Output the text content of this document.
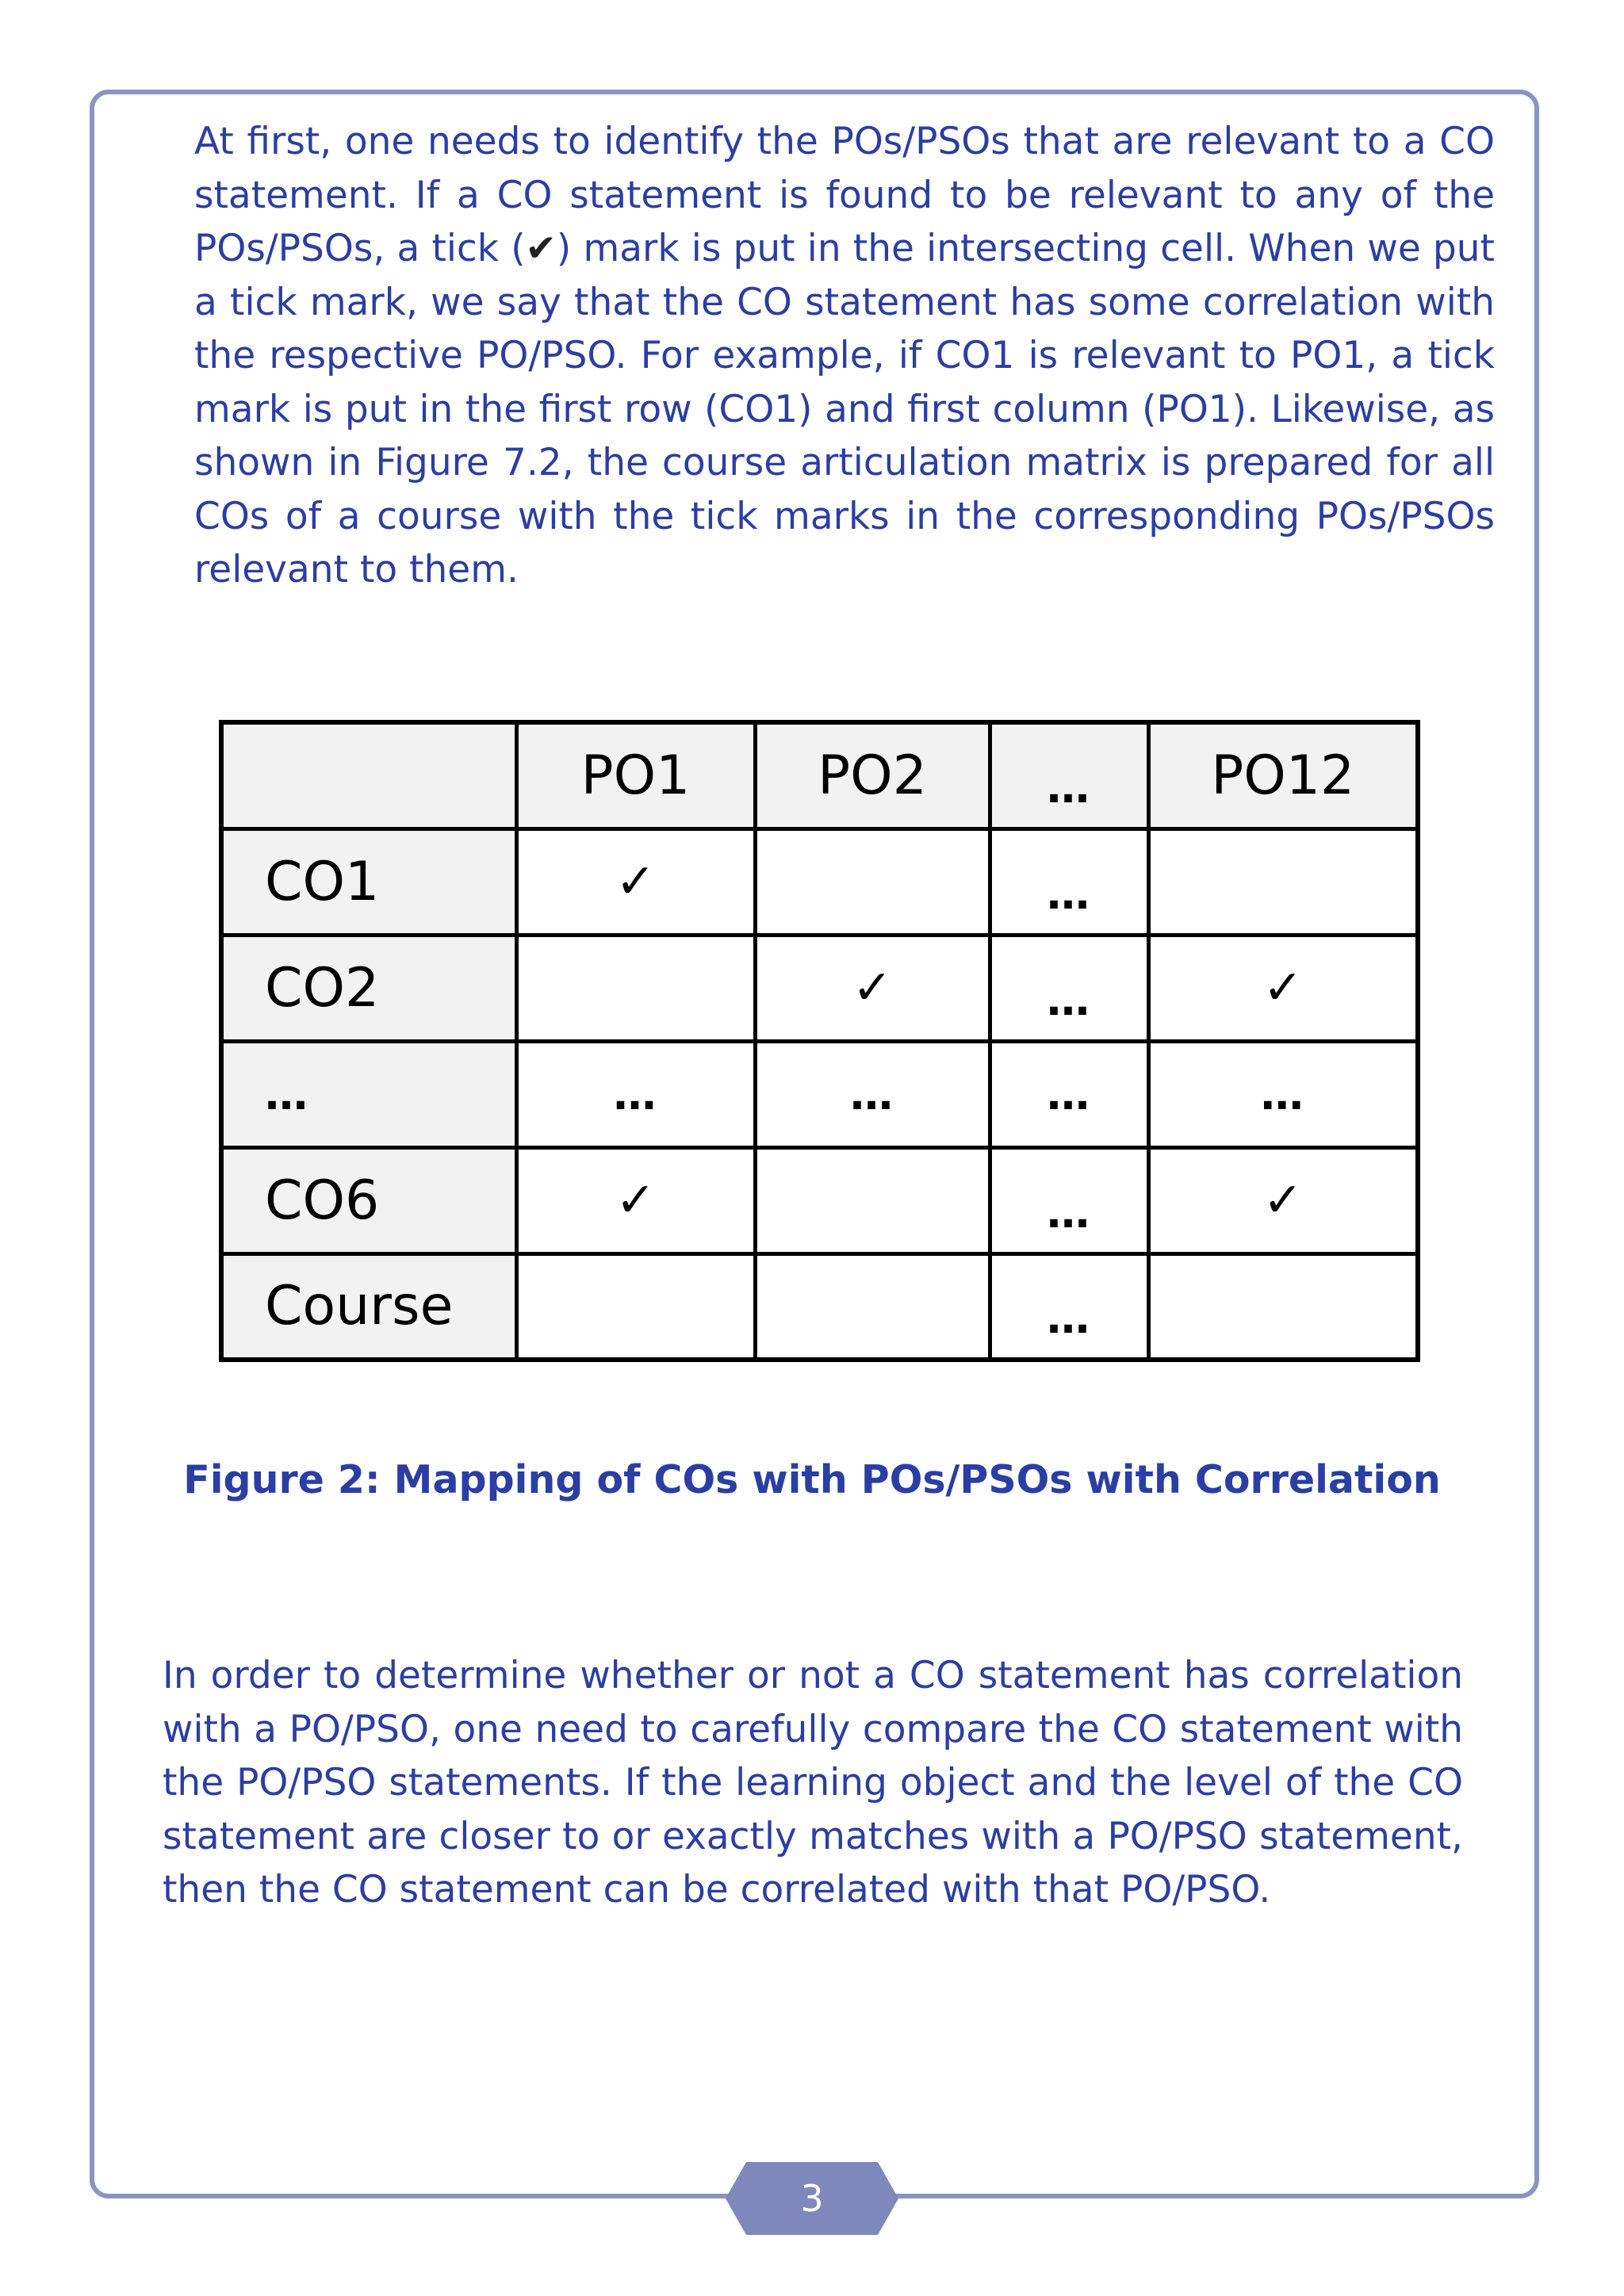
At first, one needs to identify the POs/PSOs that are relevant to a CO statement. If a CO statement is found to be relevant to any of the POs/PSOs, a tick (✔) mark is put in the intersecting cell. When we put a tick mark, we say that the CO statement has some correlation with the respective PO/PSO. For example, if CO1 is relevant to PO1, a tick mark is put in the first row (CO1) and first column (PO1). Likewise, as shown in Figure 7.2, the course articulation matrix is prepared for all COs of a course with the tick marks in the corresponding POs/PSOs relevant to them.

	PO1	PO2	…	PO12
CO1	✓		…	
CO2		✓	…	✓
…	…	…	…	…
CO6	✓		…	✓
Course			…	

Figure 2: Mapping of COs with POs/PSOs with Correlation

In order to determine whether or not a CO statement has correlation with a PO/PSO, one need to carefully compare the CO statement with the PO/PSO statements. If the learning object and the level of the CO statement are closer to or exactly matches with a PO/PSO statement, then the CO statement can be correlated with that PO/PSO.

3
